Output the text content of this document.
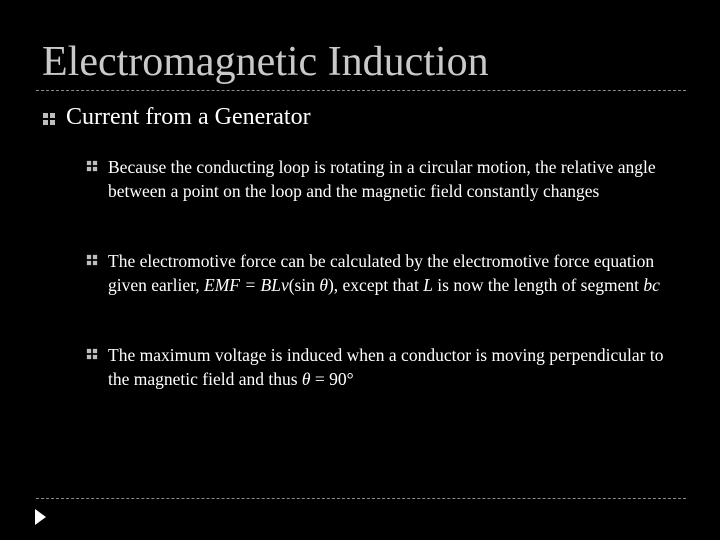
Electromagnetic Induction
Current from a Generator
Because the conducting loop is rotating in a circular motion, the relative angle between a point on the loop and the magnetic field constantly changes
The electromotive force can be calculated by the electromotive force equation given earlier, EMF = BLv(sin θ), except that L is now the length of segment bc
The maximum voltage is induced when a conductor is moving perpendicular to the magnetic field and thus θ = 90°
